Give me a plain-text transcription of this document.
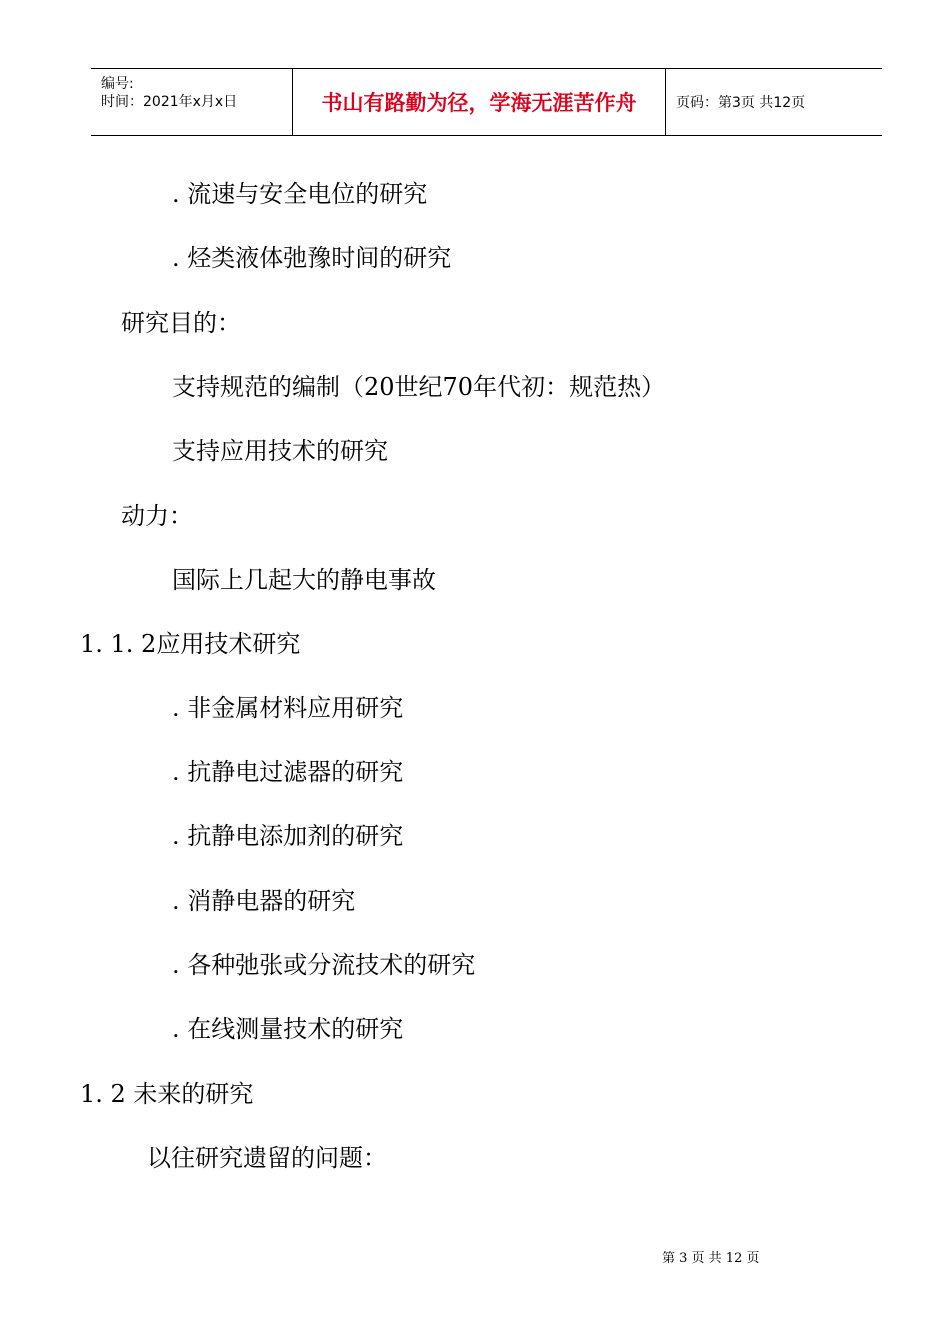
编号:
时间：2021年x月x日	书山有路勤为径，学海无涯苦作舟	页码：第3页 共12页
. 流速与安全电位的研究
. 烃类液体弛豫时间的研究
研究目的：
支持规范的编制（20世纪70年代初：规范热）
支持应用技术的研究
动力：
国际上几起大的静电事故
1. 1. 2应用技术研究
. 非金属材料应用研究
. 抗静电过滤器的研究
. 抗静电添加剂的研究
. 消静电器的研究
. 各种弛张或分流技术的研究
. 在线测量技术的研究
1. 2 未来的研究
以往研究遗留的问题：
第 3 页 共 12 页
